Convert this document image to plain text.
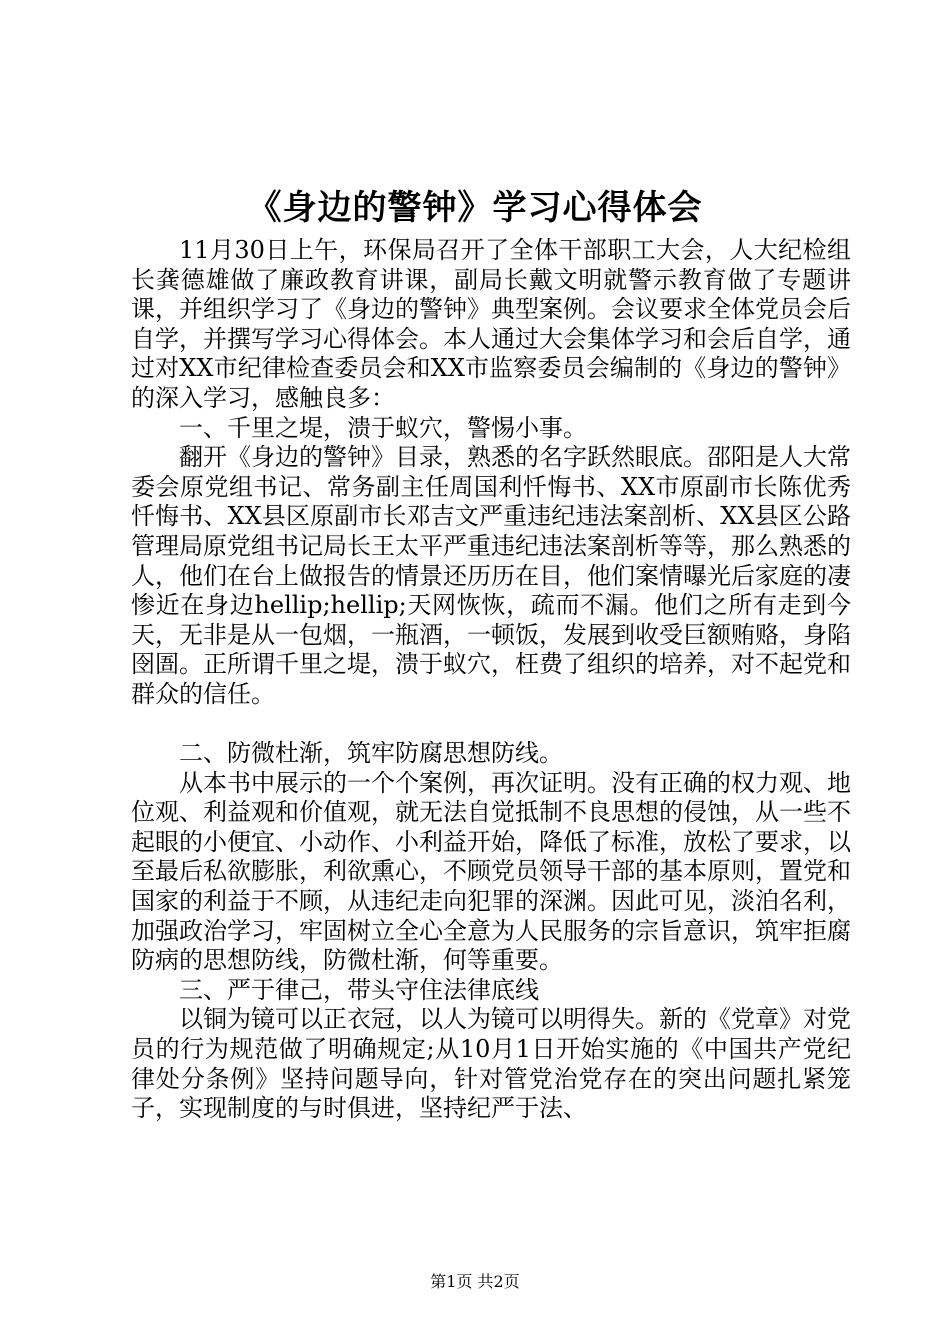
《身边的警钟》学习心得体会

11月30日上午，环保局召开了全体干部职工大会，人大纪检组长龚德雄做了廉政教育讲课，副局长戴文明就警示教育做了专题讲课，并组织学习了《身边的警钟》典型案例。会议要求全体党员会后自学，并撰写学习心得体会。本人通过大会集体学习和会后自学，通过对XX市纪律检查委员会和XX市监察委员会编制的《身边的警钟》的深入学习，感触良多：

一、千里之堤，溃于蚁穴，警惕小事。

翻开《身边的警钟》目录，熟悉的名字跃然眼底。邵阳是人大常委会原党组书记、常务副主任周国利忏悔书、XX市原副市长陈优秀忏悔书、XX县区原副市长邓吉文严重违纪违法案剖析、XX县区公路管理局原党组书记局长王太平严重违纪违法案剖析等等，那么熟悉的人，他们在台上做报告的情景还历历在目，他们案情曝光后家庭的凄惨近在身边hellip;hellip;天网恢恢，疏而不漏。他们之所有走到今天，无非是从一包烟，一瓶酒，一顿饭，发展到收受巨额贿赂，身陷囹圄。正所谓千里之堤，溃于蚁穴，枉费了组织的培养，对不起党和群众的信任。

二、防微杜渐，筑牢防腐思想防线。

从本书中展示的一个个案例，再次证明。没有正确的权力观、地位观、利益观和价值观，就无法自觉抵制不良思想的侵蚀，从一些不起眼的小便宜、小动作、小利益开始，降低了标准，放松了要求，以至最后私欲膨胀，利欲熏心，不顾党员领导干部的基本原则，置党和国家的利益于不顾，从违纪走向犯罪的深渊。因此可见，淡泊名利，加强政治学习，牢固树立全心全意为人民服务的宗旨意识，筑牢拒腐防病的思想防线，防微杜渐，何等重要。

三、严于律己，带头守住法律底线

以铜为镜可以正衣冠，以人为镜可以明得失。新的《党章》对党员的行为规范做了明确规定;从10月1日开始实施的《中国共产党纪律处分条例》坚持问题导向，针对管党治党存在的突出问题扎紧笼子，实现制度的与时俱进，坚持纪严于法、

第1页 共2页
